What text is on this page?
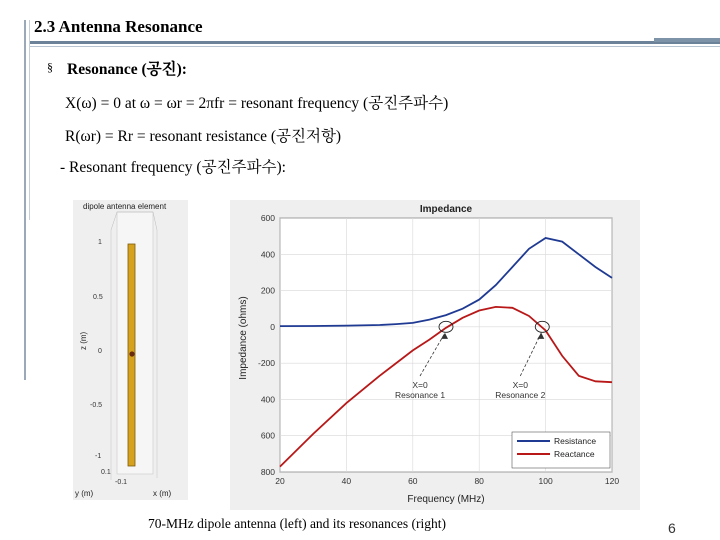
2.3 Antenna Resonance
§ Resonance (공진):
X(ω) = 0 at ω = ωr = 2πfr = resonant frequency (공진주파수)
R(ωr) = Rr = resonant resistance (공진저항)
- Resonant frequency (공진주파수):
dipole antenna element
1
0.5
0
-0.5
-1
z (m)
0.1
-0.1
y (m)	x (m)
600
400
200
0
-200
400
600
800
20	40	60	80	100	120
X=0
Resonance 1
X=0
Resonance 2
Impedance
Frequency (MHz)
Impedance (ohms)
Resistance
Reactance
70-MHz dipole antenna (left) and its resonances (right)	6
